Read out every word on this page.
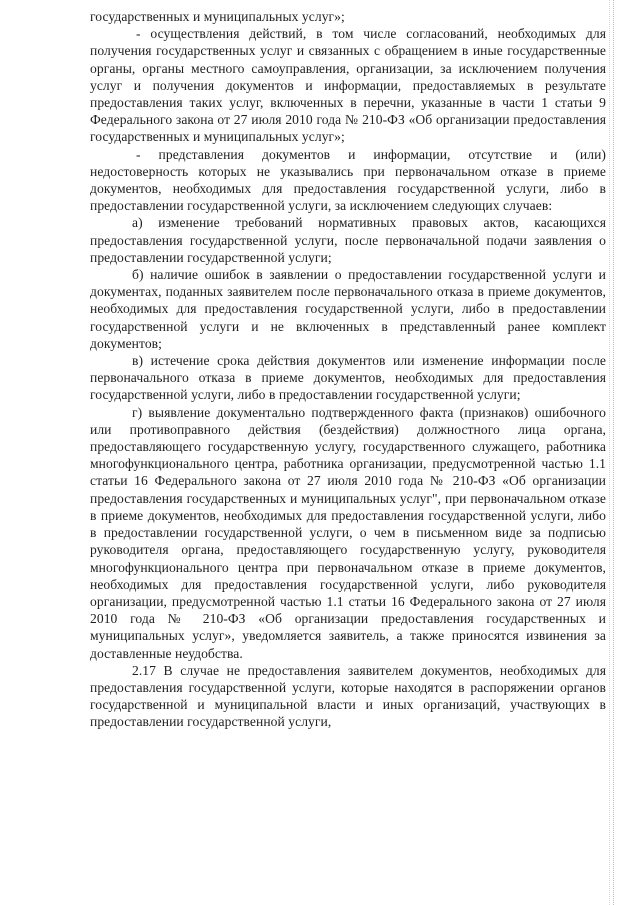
государственных и муниципальных услуг»;

- осуществления действий, в том числе согласований, необходимых для получения государственных услуг и связанных с обращением в иные государственные органы, органы местного самоуправления, организации, за исключением получения услуг и получения документов и информации, предоставляемых в результате предоставления таких услуг, включенных в перечни, указанные в части 1 статьи 9 Федерального закона от 27 июля 2010 года № 210-ФЗ «Об организации предоставления государственных и муниципальных услуг»;

- представления документов и информации, отсутствие и (или) недостоверность которых не указывались при первоначальном отказе в приеме документов, необходимых для предоставления государственной услуги, либо в предоставлении государственной услуги, за исключением следующих случаев:

а) изменение требований нормативных правовых актов, касающихся предоставления государственной услуги, после первоначальной подачи заявления о предоставлении государственной услуги;

б) наличие ошибок в заявлении о предоставлении государственной услуги и документах, поданных заявителем после первоначального отказа в приеме документов, необходимых для предоставления государственной услуги, либо в предоставлении государственной услуги и не включенных в представленный ранее комплект документов;

в) истечение срока действия документов или изменение информации после первоначального отказа в приеме документов, необходимых для предоставления государственной услуги, либо в предоставлении государственной услуги;

г) выявление документально подтвержденного факта (признаков) ошибочного или противоправного действия (бездействия) должностного лица органа, предоставляющего государственную услугу, государственного служащего, работника многофункционального центра, работника организации, предусмотренной частью 1.1 статьи 16 Федерального закона от 27 июля 2010 года № 210-ФЗ «Об организации предоставления государственных и муниципальных услуг", при первоначальном отказе в приеме документов, необходимых для предоставления государственной услуги, либо в предоставлении государственной услуги, о чем в письменном виде за подписью руководителя органа, предоставляющего государственную услугу, руководителя многофункционального центра при первоначальном отказе в приеме документов, необходимых для предоставления государственной услуги, либо руководителя организации, предусмотренной частью 1.1 статьи 16 Федерального закона от 27 июля 2010 года № 210-ФЗ «Об организации предоставления государственных и муниципальных услуг», уведомляется заявитель, а также приносятся извинения за доставленные неудобства.

2.17 В случае не предоставления заявителем документов, необходимых для предоставления государственной услуги, которые находятся в распоряжении органов государственной и муниципальной власти и иных организаций, участвующих в предоставлении государственной услуги,
